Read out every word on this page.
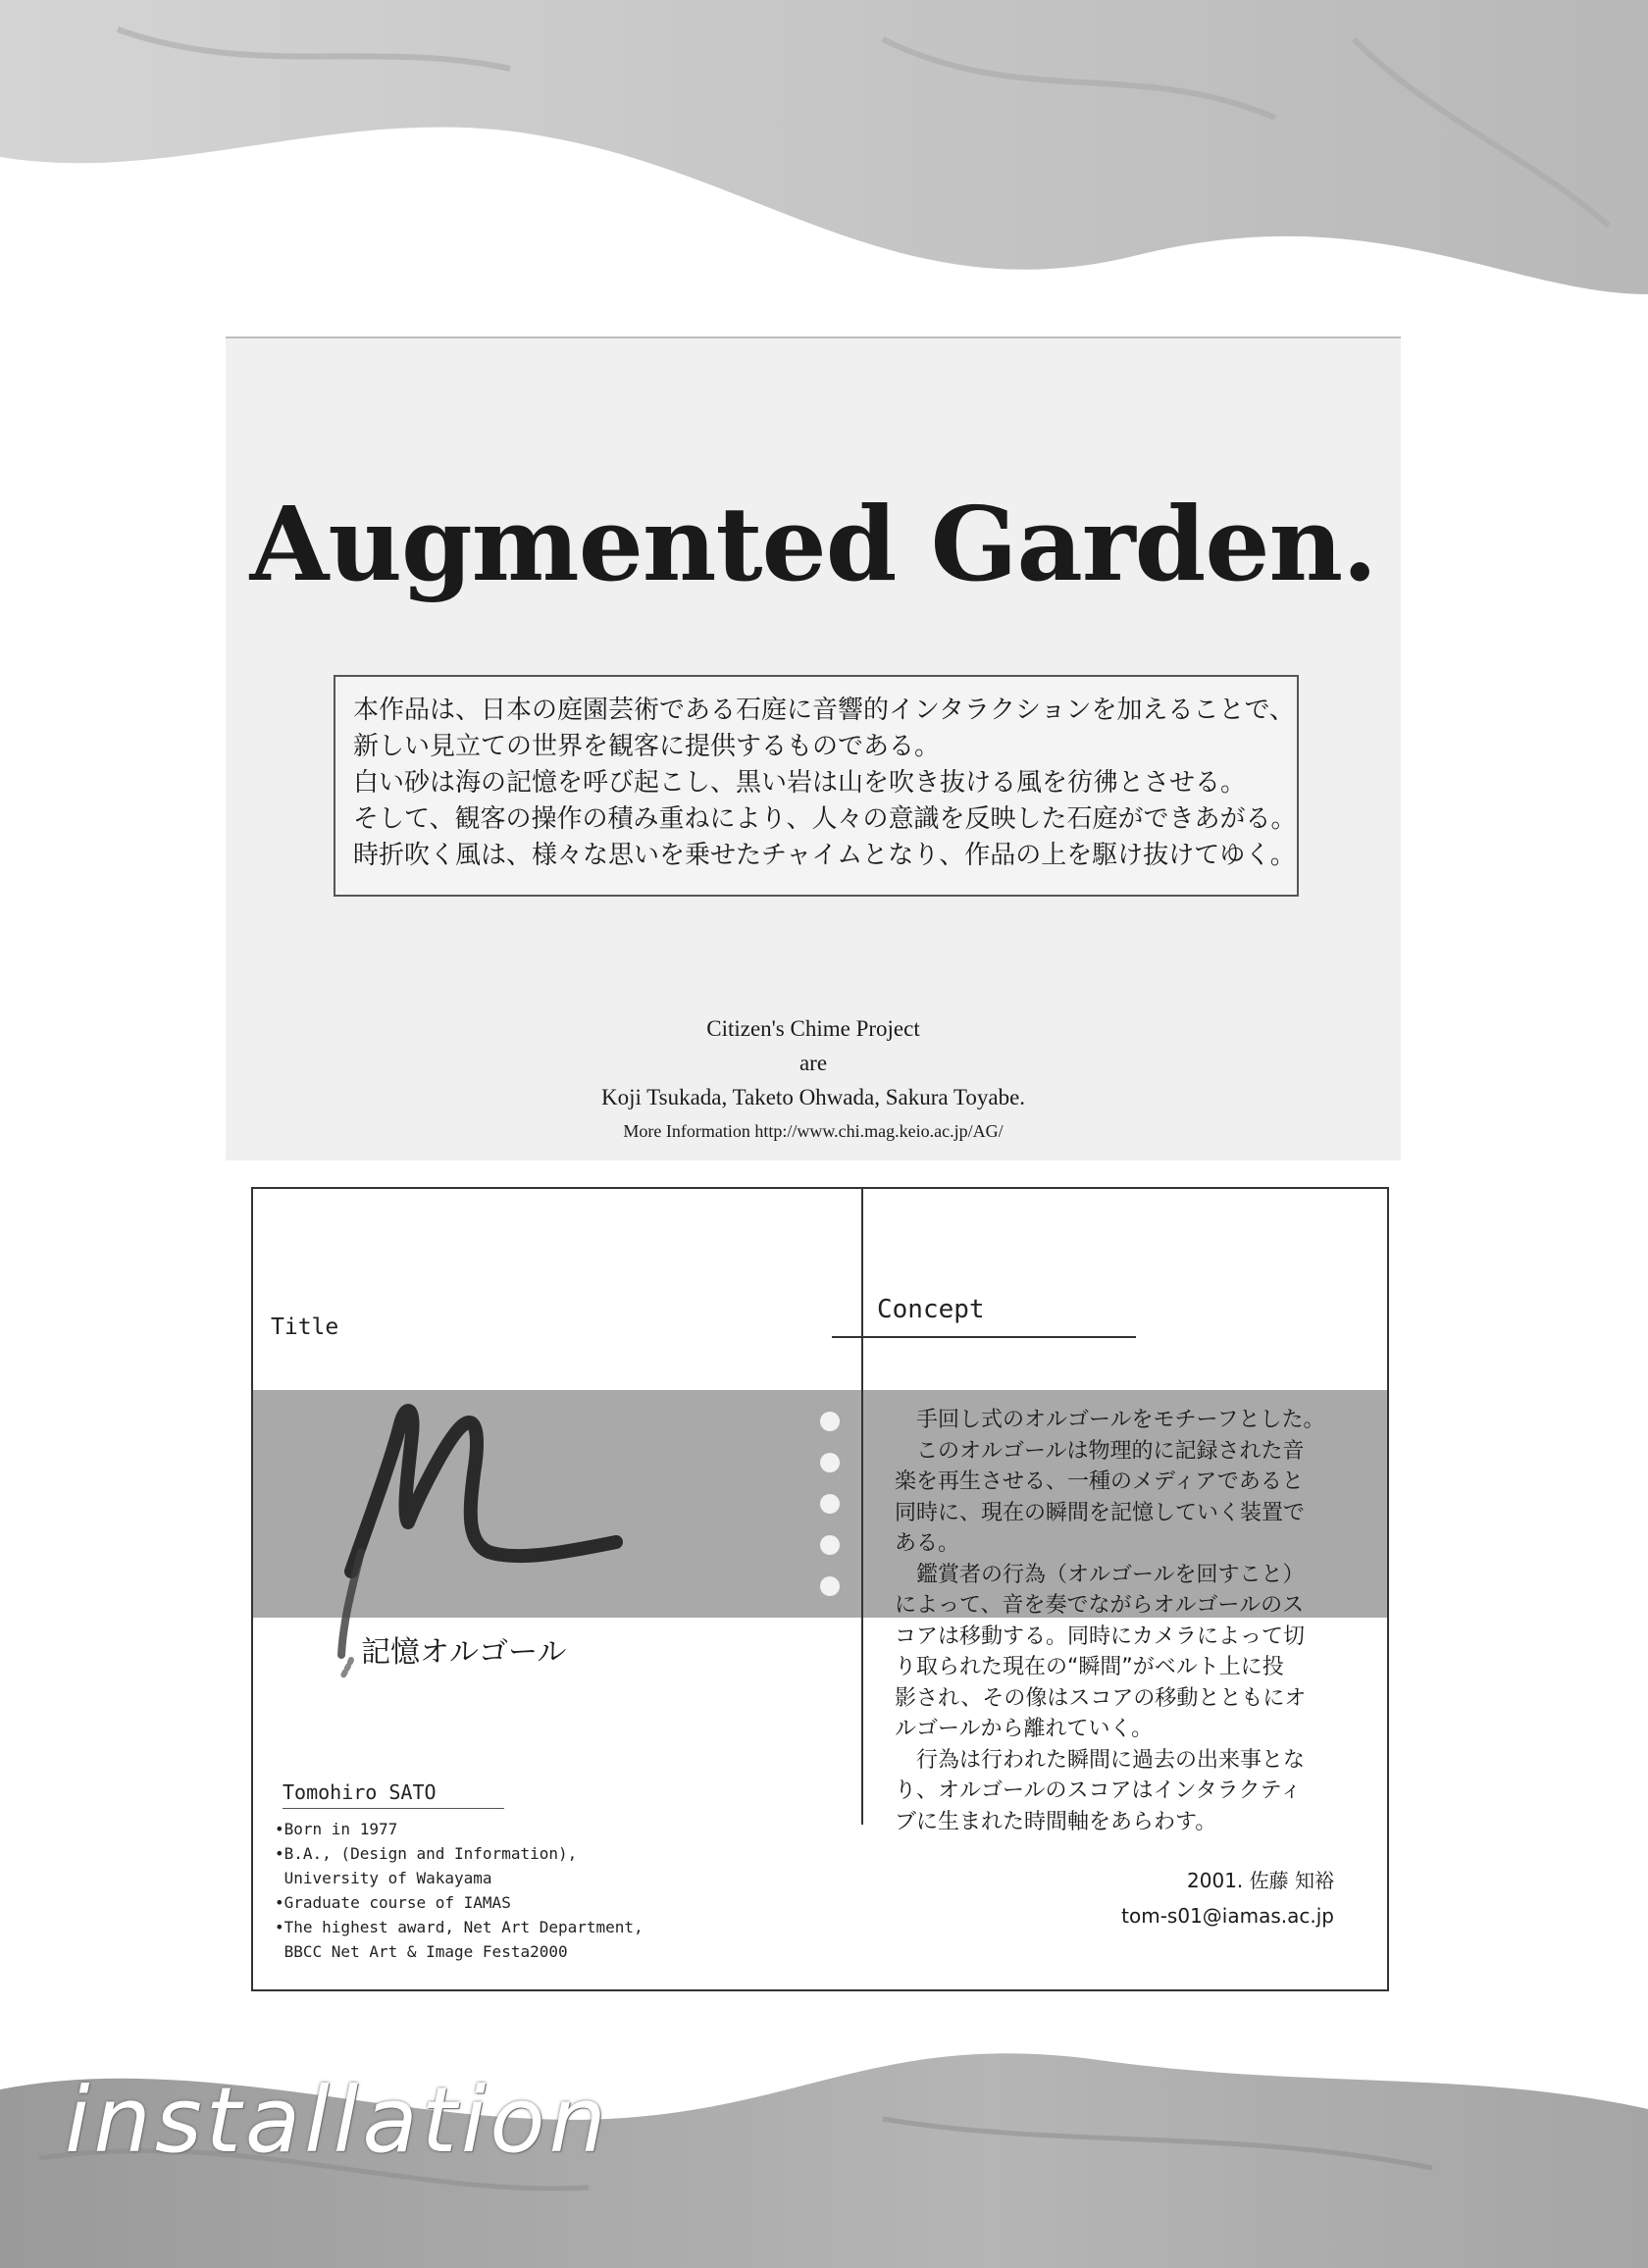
Augmented Garden.
本作品は、日本の庭園芸術である石庭に音響的インタラクションを加えることで、
新しい見立ての世界を観客に提供するものである。
白い砂は海の記憶を呼び起こし、黒い岩は山を吹き抜ける風を彷彿とさせる。
そして、観客の操作の積み重ねにより、人々の意識を反映した石庭ができあがる。
時折吹く風は、様々な思いを乗せたチャイムとなり、作品の上を駆け抜けてゆく。
Citizen's Chime Project
are
Koji Tsukada, Taketo Ohwada, Sakura Toyabe.
More Information http://www.chi.mag.keio.ac.jp/AG/
Title
Concept
記憶オルゴール
　手回し式のオルゴールをモチーフとした。
　このオルゴールは物理的に記録された音
楽を再生させる、一種のメディアであると
同時に、現在の瞬間を記憶していく装置で
ある。
　鑑賞者の行為（オルゴールを回すこと）
によって、音を奏でながらオルゴールのス
コアは移動する。同時にカメラによって切
り取られた現在の“瞬間”がベルト上に投
影され、その像はスコアの移動とともにオ
ルゴールから離れていく。
　行為は行われた瞬間に過去の出来事とな
り、オルゴールのスコアはインタラクティ
ブに生まれた時間軸をあらわす。
Tomohiro SATO
•Born in 1977
•B.A., (Design and Information),
University of Wakayama
•Graduate course of IAMAS
•The highest award, Net Art Department,
BBCC Net Art & Image Festa2000
2001. 佐藤 知裕
tom-s01@iamas.ac.jp
installation
